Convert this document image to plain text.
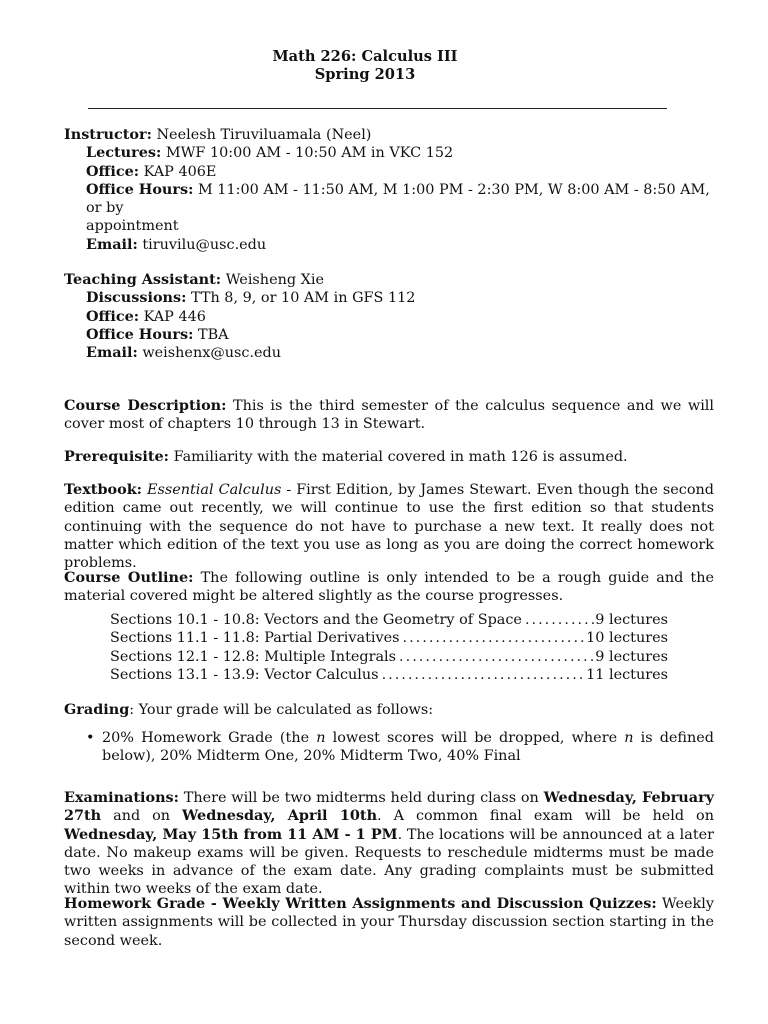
Math 226: Calculus III
Spring 2013
Instructor: Neelesh Tiruviluamala (Neel)
Lectures: MWF 10:00 AM - 10:50 AM in VKC 152
Office: KAP 406E
Office Hours: M 11:00 AM - 11:50 AM, M 1:00 PM - 2:30 PM, W 8:00 AM - 8:50 AM, or by
appointment
Email: tiruvilu@usc.edu
Teaching Assistant: Weisheng Xie
Discussions: TTh 8, 9, or 10 AM in GFS 112
Office: KAP 446
Office Hours: TBA
Email: weishenx@usc.edu
Course Description: This is the third semester of the calculus sequence and we will cover most of chapters 10 through 13 in Stewart.
Prerequisite: Familiarity with the material covered in math 126 is assumed.
Textbook: Essential Calculus - First Edition, by James Stewart. Even though the second edition came out recently, we will continue to use the first edition so that students continuing with the sequence do not have to purchase a new text. It really does not matter which edition of the text you use as long as you are doing the correct homework problems.
Course Outline: The following outline is only intended to be a rough guide and the material covered might be altered slightly as the course progresses.
Sections 10.1 - 10.8: Vectors and the Geometry of Space .....	9 lectures
Sections 11.1 - 11.8: Partial Derivatives .....	10 lectures
Sections 12.1 - 12.8: Multiple Integrals .....	9 lectures
Sections 13.1 - 13.9: Vector Calculus .....	11 lectures
Grading: Your grade will be calculated as follows:
• 20% Homework Grade (the n lowest scores will be dropped, where n is defined below), 20% Midterm One, 20% Midterm Two, 40% Final
Examinations: There will be two midterms held during class on Wednesday, February 27th and on Wednesday, April 10th. A common final exam will be held on Wednesday, May 15th from 11 AM - 1 PM. The locations will be announced at a later date. No makeup exams will be given. Requests to reschedule midterms must be made two weeks in advance of the exam date. Any grading complaints must be submitted within two weeks of the exam date.
Homework Grade - Weekly Written Assignments and Discussion Quizzes: Weekly written assignments will be collected in your Thursday discussion section starting in the second week.
